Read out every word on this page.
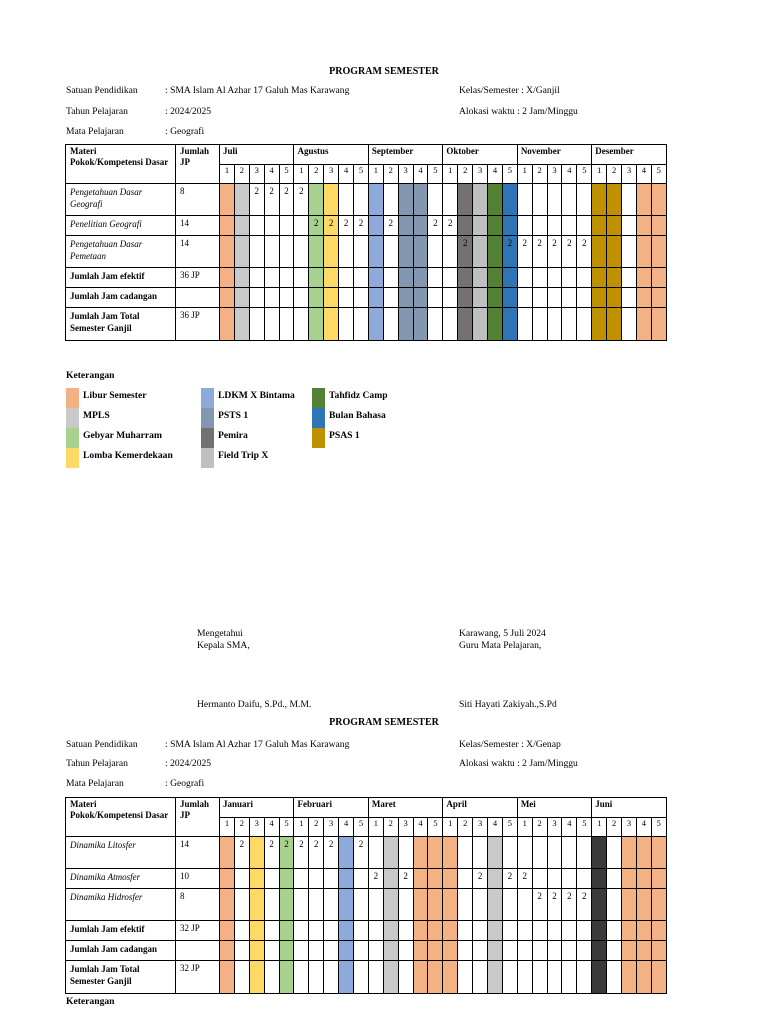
PROGRAM SEMESTER
Satuan Pendidikan	: SMA Islam Al Azhar 17 Galuh Mas Karawang	Kelas/Semester : X/Ganjil
Tahun Pelajaran	: 2024/2025	Alokasi waktu : 2 Jam/Minggu
Mata Pelajaran	: Geografi
Materi Pokok/Kompetensi Dasar	Jumlah JP	Juli					Agustus					September					Oktober					November					Desember				
		1	2	3	4	5	1	2	3	4	5	1	2	3	4	5	1	2	3	4	5	1	2	3	4	5	1	2	3	4	5
Pengetahuan Dasar Geografi	8			2	2	2	2																								
Penelitian Geografi	14							2	2	2	2		2			2	2														
Pengetahuan Dasar Pemetaan	14																	2			2	2	2	2	2	2					
Jumlah Jam efektif	36 JP																														
Jumlah Jam cadangan																															
Jumlah Jam Total Semester Ganjil	36 JP																														
Keterangan
Libur Semester
MPLS
Gebyar Muharram
Lomba Kemerdekaan
LDKM X Bintama
PSTS 1
Pemira
Field Trip X
Tahfidz Camp
Bulan Bahasa
PSAS 1
Mengetahui
Kepala SMA,
Karawang, 5 Juli 2024
Guru Mata Pelajaran,
Hermanto Daifu, S.Pd., M.M.	Siti Hayati Zakiyah.,S.Pd
PROGRAM SEMESTER
Satuan Pendidikan	: SMA Islam Al Azhar 17 Galuh Mas Karawang	Kelas/Semester : X/Genap
Tahun Pelajaran	: 2024/2025	Alokasi waktu : 2 Jam/Minggu
Mata Pelajaran	: Geografi
Materi Pokok/Kompetensi Dasar	Jumlah JP	Januari					Februari					Maret					April					Mei					Juni				
		1	2	3	4	5	1	2	3	4	5	1	2	3	4	5	1	2	3	4	5	1	2	3	4	5	1	2	3	4	5
Dinamika Litosfer	14		2		2	2	2	2	2		2																				
Dinamika Atmosfer	10											2		2					2		2	2									
Dinamika Hidrosfer	8																						2	2	2	2					
Jumlah Jam efektif	32 JP																														
Jumlah Jam cadangan																															
Jumlah Jam Total Semester Ganjil	32 JP																														
Keterangan
